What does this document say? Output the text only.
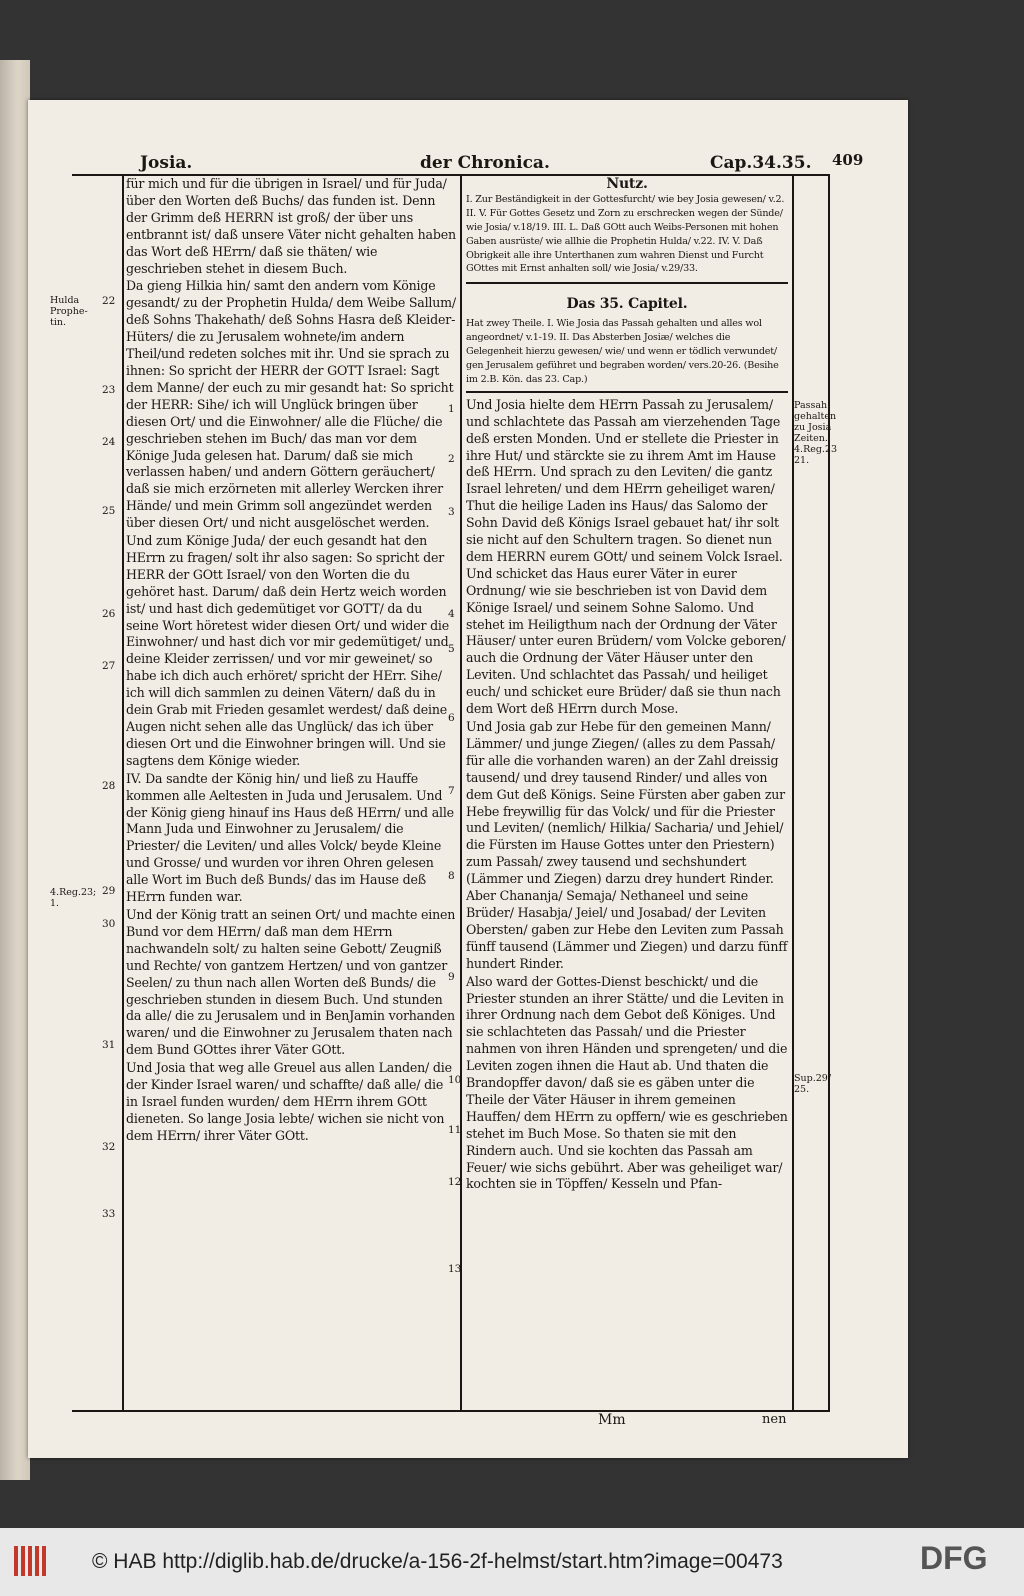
Josia.	der Chronica.	Cap.34.35. 409
Hulda Prophe-tin.
4.Reg.23; 1.
Passah gehalten zu Josia Zeiten. 4.Reg.23 21.
Sup.29/ 25.
22
23
24
25
26
27
28
29
30
31
32
33

für mich und für die übrigen in Israel/ und für Juda/ über den Worten deß Buchs/ das funden ist. Denn der Grimm deß HERRN ist groß/ der über uns entbrannt ist/ daß unsere Väter nicht gehalten haben das Wort deß HErrn/ daß sie thäten/ wie geschrieben stehet in diesem Buch.

Da gieng Hilkia hin/ samt den andern vom Könige gesandt/ zu der Prophetin Hulda/ dem Weibe Sallum/ deß Sohns Thakehath/ deß Sohns Hasra deß Kleider-Hüters/ die zu Jerusalem wohnete/im andern Theil/und redeten solches mit ihr. Und sie sprach zu ihnen: So spricht der HERR der GOTT Israel: Sagt dem Manne/ der euch zu mir gesandt hat: So spricht der HERR: Sihe/ ich will Unglück bringen über diesen Ort/ und die Einwohner/ alle die Flüche/ die geschrieben stehen im Buch/ das man vor dem Könige Juda gelesen hat. Darum/ daß sie mich verlassen haben/ und andern Göttern geräuchert/ daß sie mich erzörneten mit allerley Wercken ihrer Hände/ und mein Grimm soll angezündet werden über diesen Ort/ und nicht ausgelöschet werden.

Und zum Könige Juda/ der euch gesandt hat den HErrn zu fragen/ solt ihr also sagen: So spricht der HERR der GOtt Israel/ von den Worten die du gehöret hast. Darum/ daß dein Hertz weich worden ist/ und hast dich gedemütiget vor GOTT/ da du seine Wort höretest wider diesen Ort/ und wider die Einwohner/ und hast dich vor mir gedemütiget/ und deine Kleider zerrissen/ und vor mir geweinet/ so habe ich dich auch erhöret/ spricht der HErr. Sihe/ ich will dich sammlen zu deinen Vätern/ daß du in dein Grab mit Frieden gesamlet werdest/ daß deine Augen nicht sehen alle das Unglück/ das ich über diesen Ort und die Einwohner bringen will. Und sie sagtens dem Könige wieder.

IV. Da sandte der König hin/ und ließ zu Hauffe kommen alle Aeltesten in Juda und Jerusalem. Und der König gieng hinauf ins Haus deß HErrn/ und alle Mann Juda und Einwohner zu Jerusalem/ die Priester/ die Leviten/ und alles Volck/ beyde Kleine und Grosse/ und wurden vor ihren Ohren gelesen alle Wort im Buch deß Bunds/ das im Hause deß HErrn funden war.

Und der König tratt an seinen Ort/ und machte einen Bund vor dem HErrn/ daß man dem HErrn nachwandeln solt/ zu halten seine Gebott/ Zeugniß und Rechte/ von gantzem Hertzen/ und von gantzer Seelen/ zu thun nach allen Worten deß Bunds/ die geschrieben stunden in diesem Buch. Und stunden da alle/ die zu Jerusalem und in BenJamin vorhanden waren/ und die Einwohner zu Jerusalem thaten nach dem Bund GOttes ihrer Väter GOtt.

Und Josia that weg alle Greuel aus allen Landen/ die der Kinder Israel waren/ und schaffte/ daß alle/ die in Israel funden wurden/ dem HErrn ihrem GOtt dieneten. So lange Josia lebte/ wichen sie nicht von dem HErrn/ ihrer Väter GOtt.

Nutz.
I. Zur Beständigkeit in der Gottesfurcht/ wie bey Josia gewesen/ v.2. II. V. Für Gottes Gesetz und Zorn zu erschrecken wegen der Sünde/ wie Josia/ v.18/19. III. L. Daß GOtt auch Weibs-Personen mit hohen Gaben ausrüste/ wie allhie die Prophetin Hulda/ v.22. IV. V. Daß Obrigkeit alle ihre Unterthanen zum wahren Dienst und Furcht GOttes mit Ernst anhalten soll/ wie Josia/ v.29/33.
Das 35. Capitel.
Hat zwey Theile. I. Wie Josia das Passah gehalten und alles wol angeordnet/ v.1-19. II. Das Absterben Josiæ/ welches die Gelegenheit hierzu gewesen/ wie/ und wenn er tödlich verwundet/ gen Jerusalem geführet und begraben worden/ vers.20-26. (Besihe im 2.B. Kön. das 23. Cap.)

Und Josia hielte dem HErrn Passah zu Jerusalem/ und schlachtete das Passah am vierzehenden Tage deß ersten Monden. Und er stellete die Priester in ihre Hut/ und stärckte sie zu ihrem Amt im Hause deß HErrn. Und sprach zu den Leviten/ die gantz Israel lehreten/ und dem HErrn geheiliget waren/ Thut die heilige Laden ins Haus/ das Salomo der Sohn David deß Königs Israel gebauet hat/ ihr solt sie nicht auf den Schultern tragen. So dienet nun dem HERRN eurem GOtt/ und seinem Volck Israel. Und schicket das Haus eurer Väter in eurer Ordnung/ wie sie beschrieben ist von David dem Könige Israel/ und seinem Sohne Salomo. Und stehet im Heiligthum nach der Ordnung der Väter Häuser/ unter euren Brüdern/ vom Volcke geboren/ auch die Ordnung der Väter Häuser unter den Leviten. Und schlachtet das Passah/ und heiliget euch/ und schicket eure Brüder/ daß sie thun nach dem Wort deß HErrn durch Mose.

Und Josia gab zur Hebe für den gemeinen Mann/ Lämmer/ und junge Ziegen/ (alles zu dem Passah/ für alle die vorhanden waren) an der Zahl dreissig tausend/ und drey tausend Rinder/ und alles von dem Gut deß Königs. Seine Fürsten aber gaben zur Hebe freywillig für das Volck/ und für die Priester und Leviten/ (nemlich/ Hilkia/ Sacharia/ und Jehiel/ die Fürsten im Hause Gottes unter den Priestern) zum Passah/ zwey tausend und sechshundert (Lämmer und Ziegen) darzu drey hundert Rinder. Aber Chananja/ Semaja/ Nethaneel und seine Brüder/ Hasabja/ Jeiel/ und Josabad/ der Leviten Obersten/ gaben zur Hebe den Leviten zum Passah fünff tausend (Lämmer und Ziegen) und darzu fünff hundert Rinder.

Also ward der Gottes-Dienst beschickt/ und die Priester stunden an ihrer Stätte/ und die Leviten in ihrer Ordnung nach dem Gebot deß Königes. Und sie schlachteten das Passah/ und die Priester nahmen von ihren Händen und sprengeten/ und die Leviten zogen ihnen die Haut ab. Und thaten die Brandopffer davon/ daß sie es gäben unter die Theile der Väter Häuser in ihrem gemeinen Hauffen/ dem HErrn zu opffern/ wie es geschrieben stehet im Buch Mose. So thaten sie mit den Rindern auch. Und sie kochten das Passah am Feuer/ wie sichs gebührt. Aber was geheiliget war/ kochten sie in Töpffen/ Kesseln und Pfan-

1
2
3
4
5
6
7
8
9
10
11
12
13
Mm	nen
© HAB http://diglib.hab.de/drucke/a-156-2f-helmst/start.htm?image=00473	DFG
